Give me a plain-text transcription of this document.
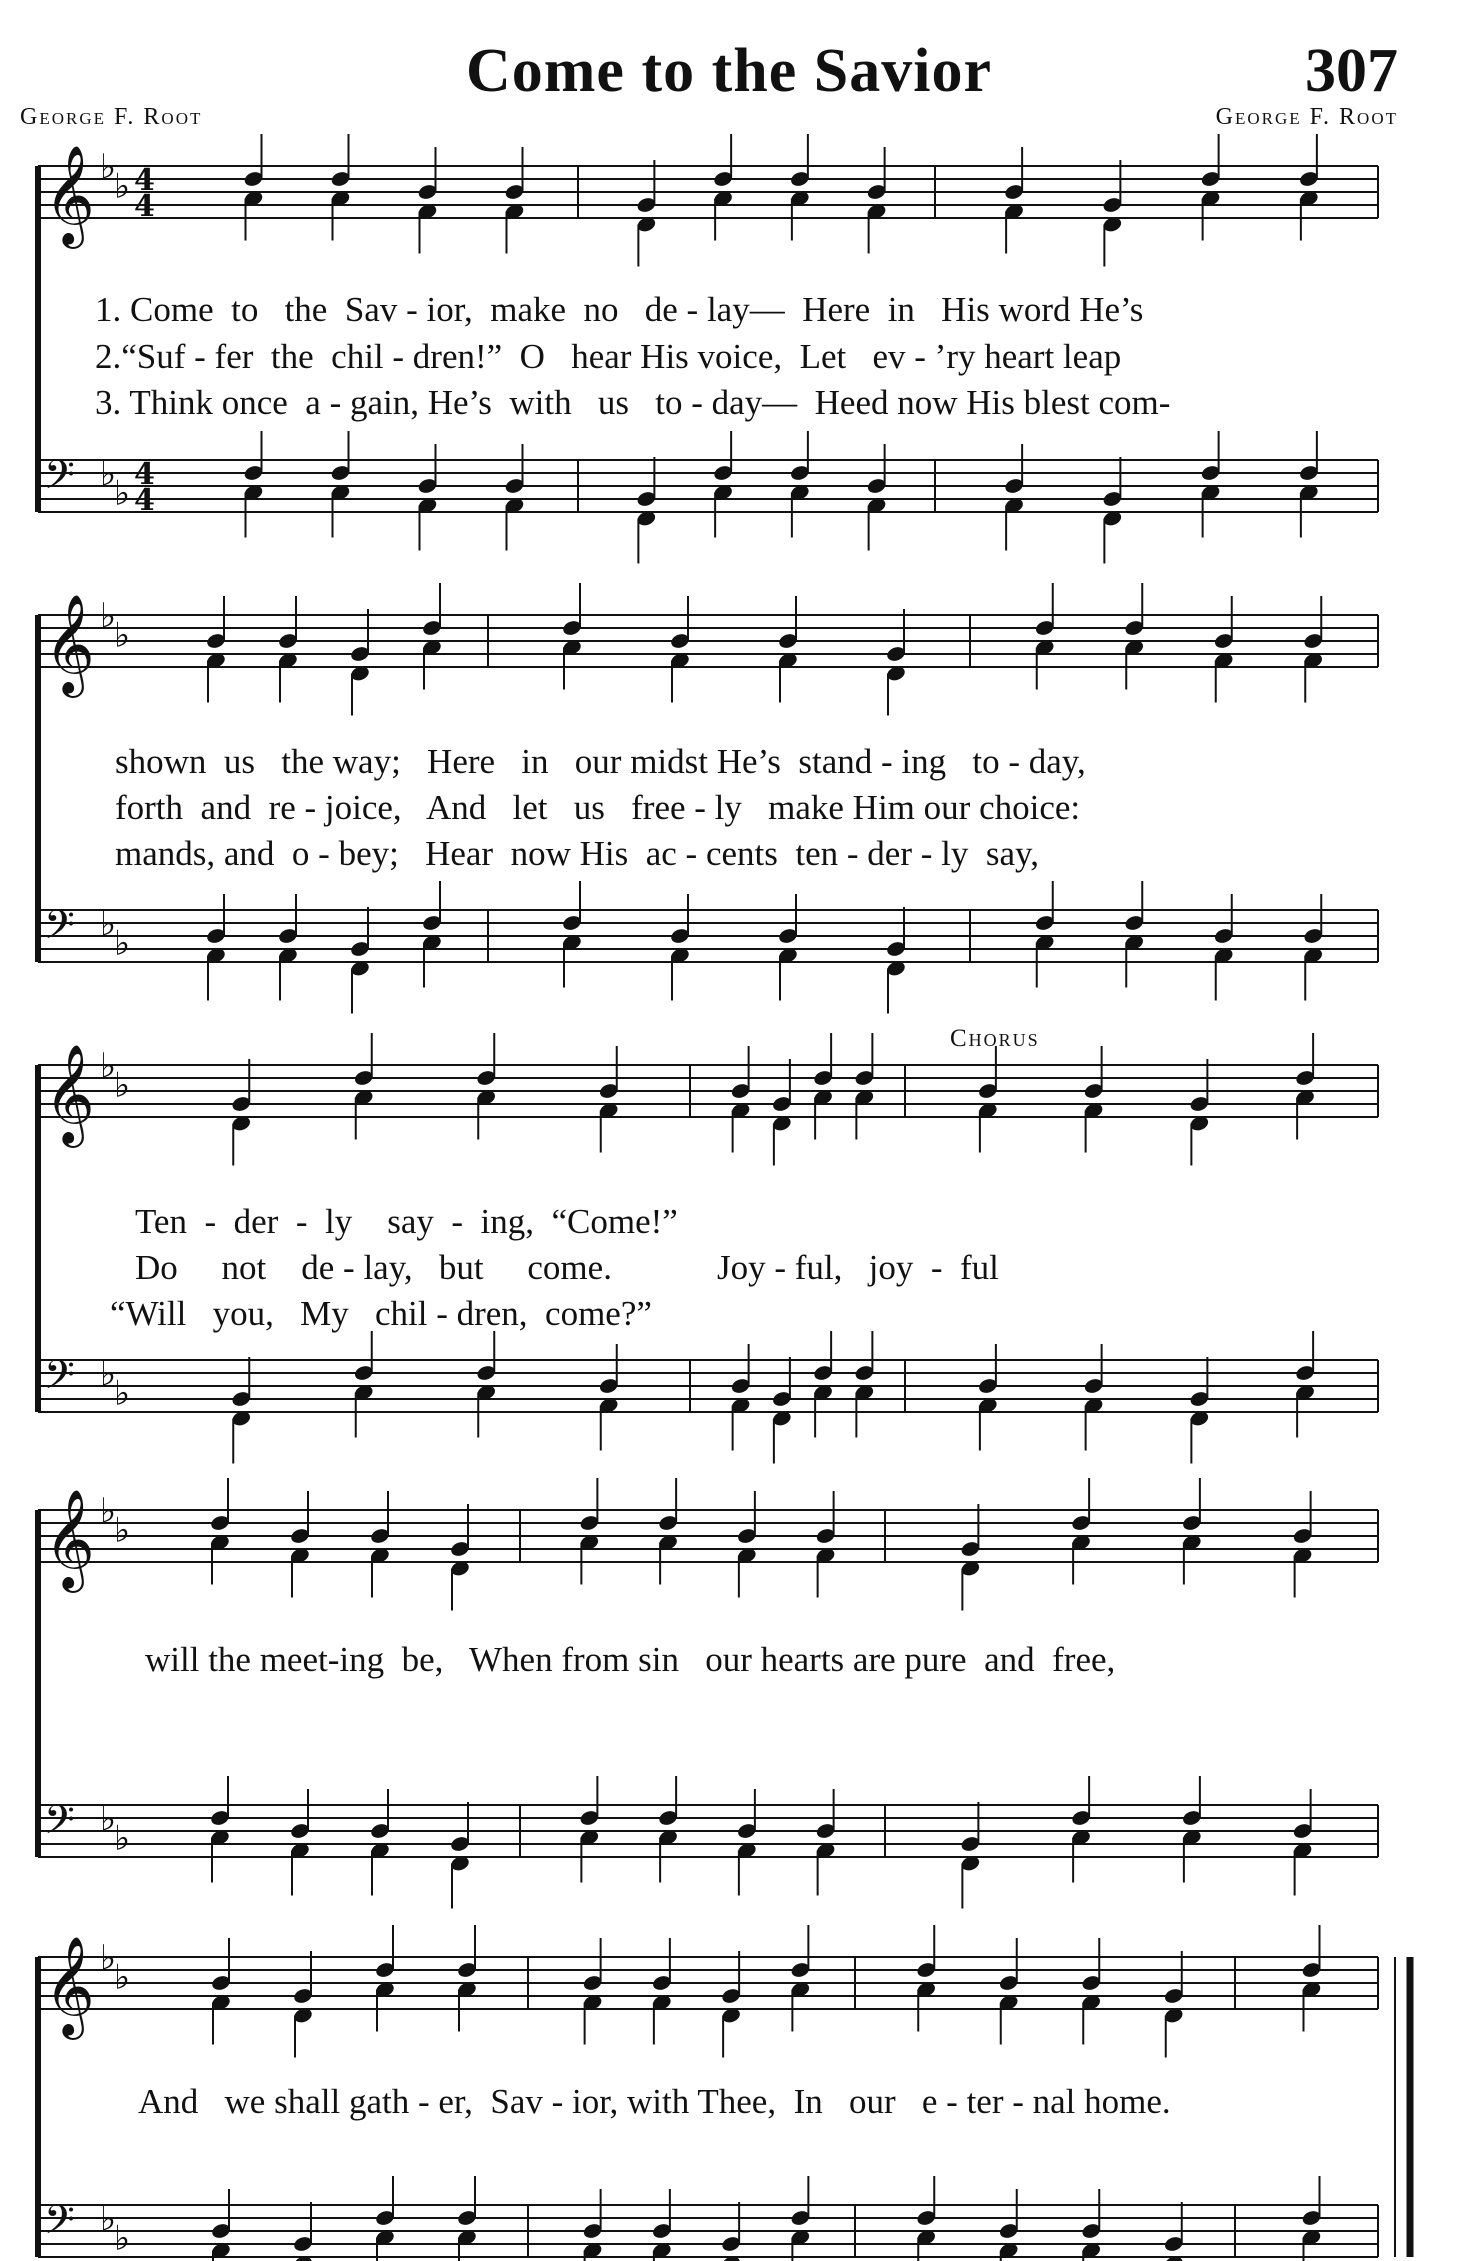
Come to the Savior	307
George F. Root	George F. Root
Chorus
𝄞 ♭
♭ 4
4
𝄢 ♭
♭ 4
4
𝄞 ♭
♭
𝄢 ♭
♭
𝄞 ♭
♭
𝄢 ♭
♭
𝄞 ♭
♭
𝄢 ♭
♭
𝄞 ♭
♭
𝄢 ♭
♭
1. Come  to   the  Sav - ior,  make  no   de - lay—  Here  in   His word He’s
2.“Suf - fer  the  chil - dren!”  O   hear His voice,  Let   ev - ’ry heart leap
3. Think once  a - gain, He’s  with   us   to - day—  Heed now His blest com-
shown  us   the way;   Here   in   our midst He’s  stand - ing   to - day,
forth  and  re - joice,   And   let   us   free - ly   make Him our choice:
mands, and  o - bey;   Hear  now His  ac - cents  ten - der - ly  say,
Ten  -  der  -  ly    say  -  ing,  “Come!”
Do     not    de - lay,   but     come.            Joy - ful,   joy  -  ful
“Will   you,   My   chil - dren,  come?”
will the meet-ing  be,   When from sin   our hearts are pure  and  free,
And   we shall gath - er,  Sav - ior, with Thee,  In   our   e - ter - nal home.
